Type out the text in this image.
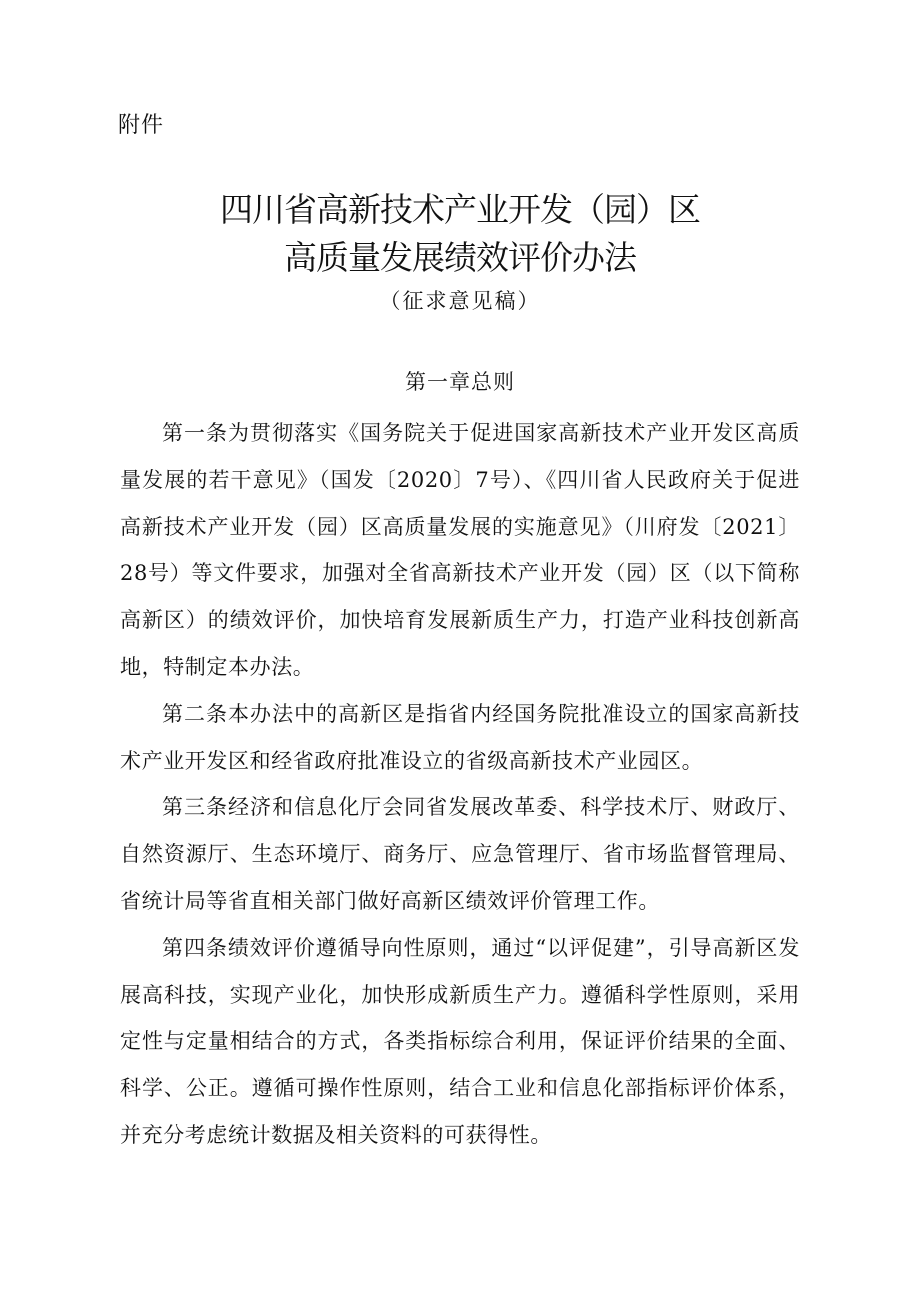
附件
四川省高新技术产业开发（园）区
高质量发展绩效评价办法
（征求意见稿）
第一章总则

第一条为贯彻落实《国务院关于促进国家高新技术产业开发区高质量发展的若干意见》（国发〔2020〕7号）、《四川省人民政府关于促进高新技术产业开发（园）区高质量发展的实施意见》（川府发〔2021〕28号）等文件要求，加强对全省高新技术产业开发（园）区（以下简称高新区）的绩效评价，加快培育发展新质生产力，打造产业科技创新高地，特制定本办法。

第二条本办法中的高新区是指省内经国务院批准设立的国家高新技术产业开发区和经省政府批准设立的省级高新技术产业园区。

第三条经济和信息化厅会同省发展改革委、科学技术厅、财政厅、自然资源厅、生态环境厅、商务厅、应急管理厅、省市场监督管理局、省统计局等省直相关部门做好高新区绩效评价管理工作。

第四条绩效评价遵循导向性原则，通过“以评促建”，引导高新区发展高科技，实现产业化，加快形成新质生产力。遵循科学性原则，采用定性与定量相结合的方式，各类指标综合利用，保证评价结果的全面、科学、公正。遵循可操作性原则，结合工业和信息化部指标评价体系，并充分考虑统计数据及相关资料的可获得性。
